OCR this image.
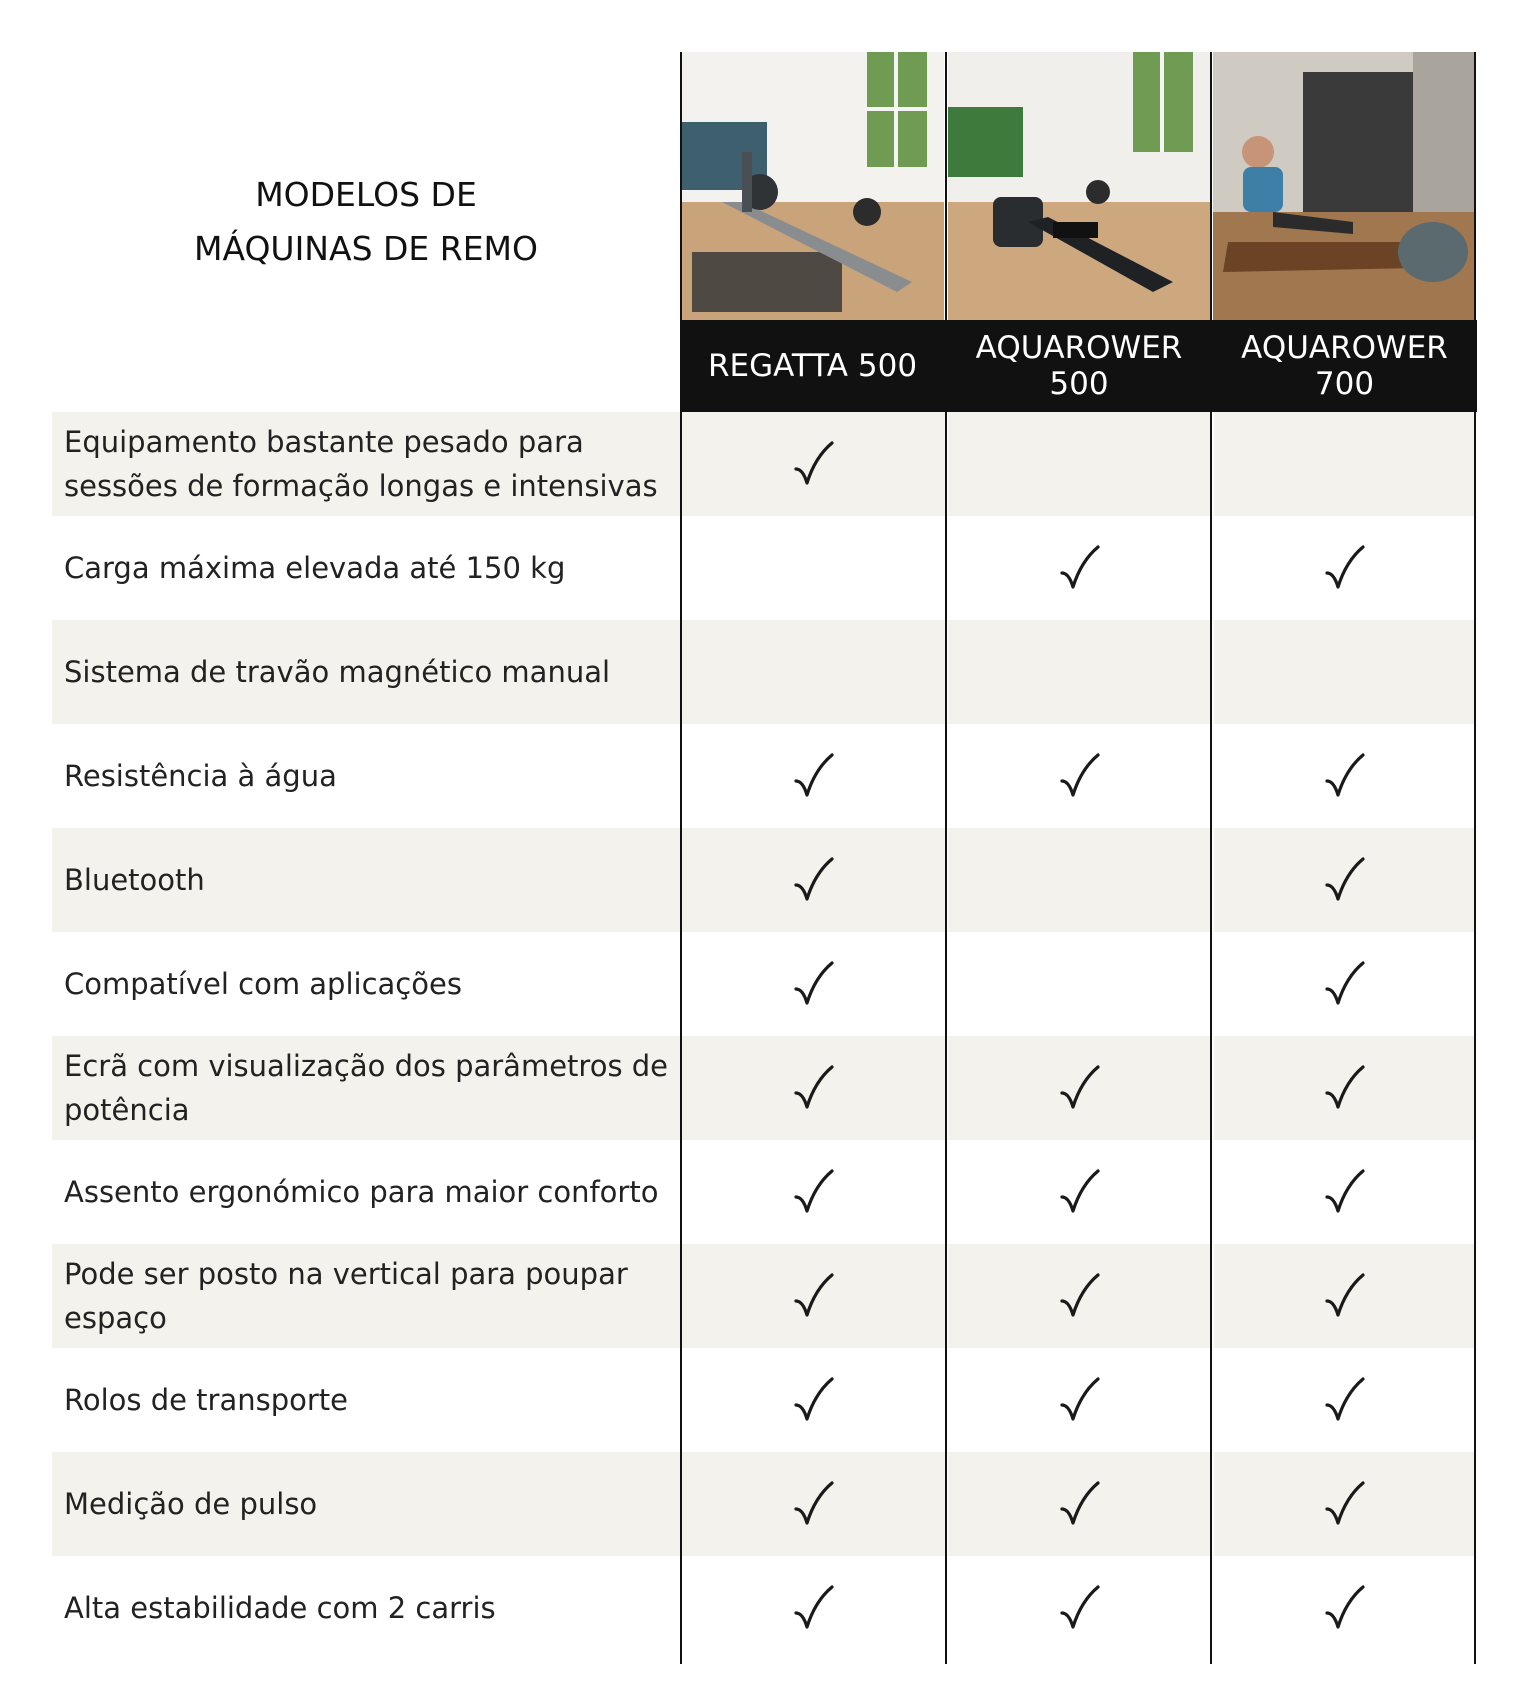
MODELOS DE
MÁQUINAS DE REMO
REGATTA 500 AQUAROWER
500
AQUAROWER
700
Equipamento bastante pesado para sessões de formação longas e intensivas
Carga máxima elevada até 150 kg
Sistema de travão magnético manual
Resistência à água
Bluetooth
Compatível com aplicações
Ecrã com visualização dos parâmetros de potência
Assento ergonómico para maior conforto
Pode ser posto na vertical para poupar espaço
Rolos de transporte
Medição de pulso
Alta estabilidade com 2 carris
